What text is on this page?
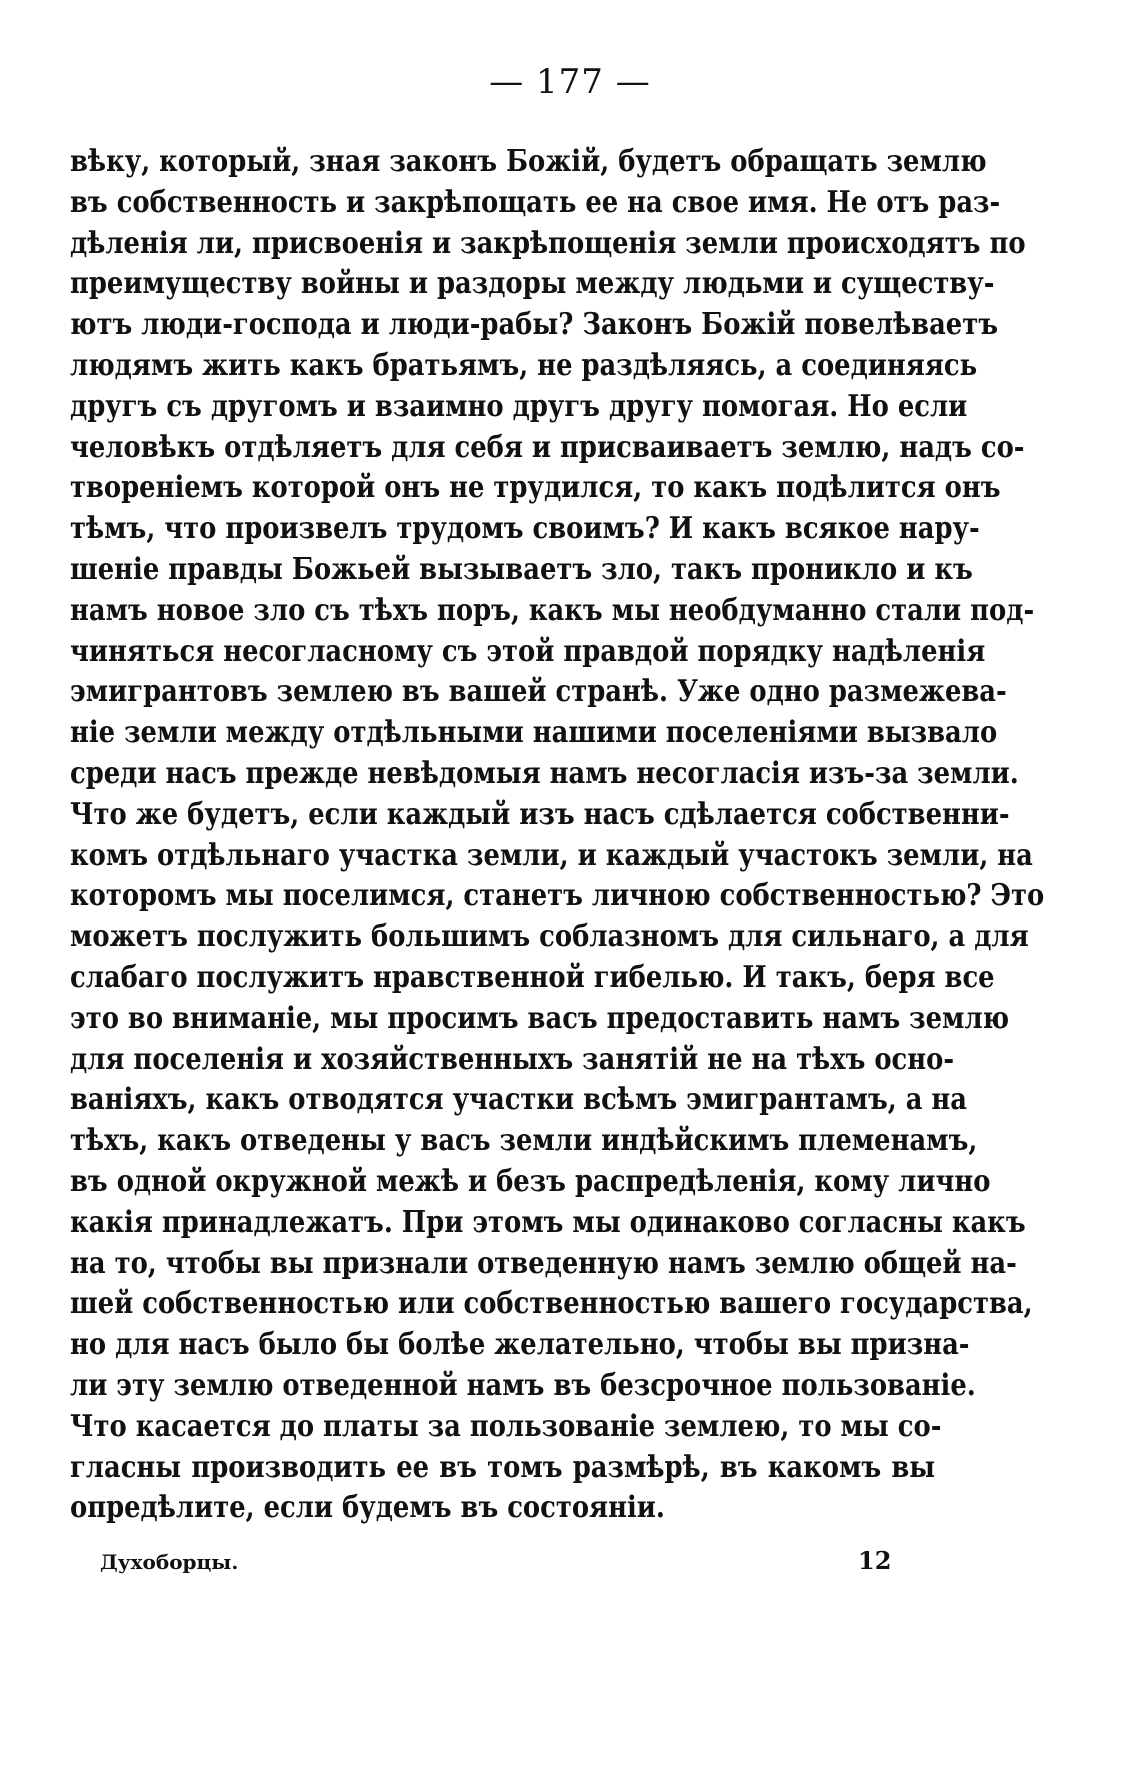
— 177 —
вѣку, который, зная законъ Божій, будетъ обращать землю
въ собственность и закрѣпощать ее на свое имя. Не отъ раз-
дѣленія ли, присвоенія и закрѣпощенія земли происходятъ по
преимуществу войны и раздоры между людьми и существу-
ютъ люди-господа и люди-рабы? Законъ Божій повелѣваетъ
людямъ жить какъ братьямъ, не раздѣляясь, а соединяясь
другъ съ другомъ и взаимно другъ другу помогая. Но если
человѣкъ отдѣляетъ для себя и присваиваетъ землю, надъ со-
твореніемъ которой онъ не трудился, то какъ подѣлится онъ
тѣмъ, что произвелъ трудомъ своимъ? И какъ всякое нару-
шеніе правды Божьей вызываетъ зло, такъ проникло и къ
намъ новое зло съ тѣхъ поръ, какъ мы необдуманно стали под-
чиняться несогласному съ этой правдой порядку надѣленія
эмигрантовъ землею въ вашей странѣ. Уже одно размежева-
ніе земли между отдѣльными нашими поселеніями вызвало
среди насъ прежде невѣдомыя намъ несогласія изъ-за земли.
Что же будетъ, если каждый изъ насъ сдѣлается собственни-
комъ отдѣльнаго участка земли, и каждый участокъ земли, на
которомъ мы поселимся, станетъ личною собственностью? Это
можетъ послужить большимъ соблазномъ для сильнаго, а для
слабаго послужитъ нравственной гибелью. И такъ, беря все
это во вниманіе, мы просимъ васъ предоставить намъ землю
для поселенія и хозяйственныхъ занятій не на тѣхъ осно-
ваніяхъ, какъ отводятся участки всѣмъ эмигрантамъ, а на
тѣхъ, какъ отведены у васъ земли индѣйскимъ племенамъ,
въ одной окружной межѣ и безъ распредѣленія, кому лично
какія принадлежатъ. При этомъ мы одинаково согласны какъ
на то, чтобы вы признали отведенную намъ землю общей на-
шей собственностью или собственностью вашего государства,
но для насъ было бы болѣе желательно, чтобы вы призна-
ли эту землю отведенной намъ въ безсрочное пользованіе.
Что касается до платы за пользованіе землею, то мы со-
гласны производить ее въ томъ размѣрѣ, въ какомъ вы
опредѣлите, если будемъ въ состояніи.
Духоборцы.	12
